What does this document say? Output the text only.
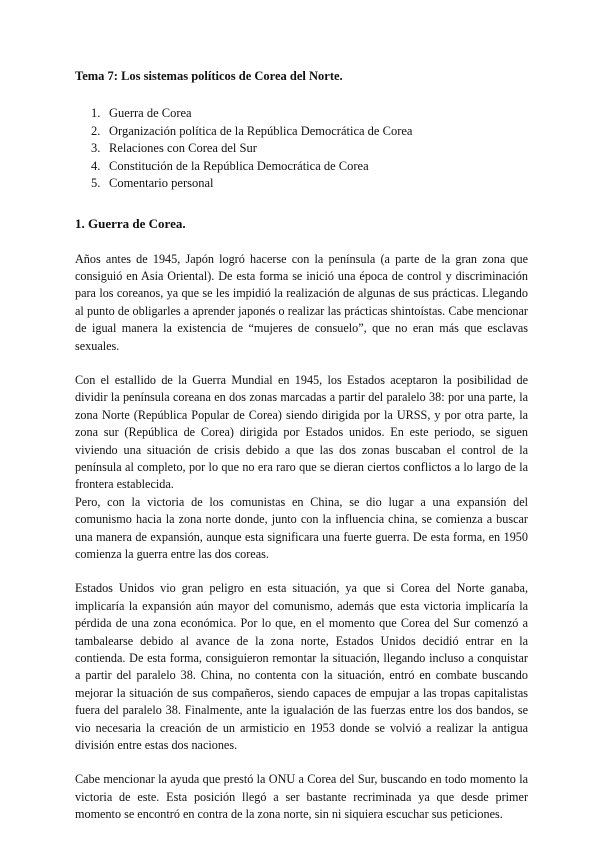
Tema 7: Los sistemas políticos de Corea del Norte.
1. Guerra de Corea
2. Organización política de la República Democrática de Corea
3. Relaciones con Corea del Sur
4. Constitución de la República Democrática de Corea
5. Comentario personal
1. Guerra de Corea.

Años antes de 1945, Japón logró hacerse con la península (a parte de la gran zona que consiguió en Asia Oriental). De esta forma se inició una época de control y discriminación para los coreanos, ya que se les impidió la realización de algunas de sus prácticas. Llegando al punto de obligarles a aprender japonés o realizar las prácticas shintoístas. Cabe mencionar de igual manera la existencia de “mujeres de consuelo”, que no eran más que esclavas sexuales.

Con el estallido de la Guerra Mundial en 1945, los Estados aceptaron la posibilidad de dividir la península coreana en dos zonas marcadas a partir del paralelo 38: por una parte, la zona Norte (República Popular de Corea) siendo dirigida por la URSS, y por otra parte, la zona sur (República de Corea) dirigida por Estados unidos. En este periodo, se siguen viviendo una situación de crisis debido a que las dos zonas buscaban el control de la península al completo, por lo que no era raro que se dieran ciertos conflictos a lo largo de la frontera establecida.

Pero, con la victoria de los comunistas en China, se dio lugar a una expansión del comunismo hacia la zona norte donde, junto con la influencia china, se comienza a buscar una manera de expansión, aunque esta significara una fuerte guerra. De esta forma, en 1950 comienza la guerra entre las dos coreas.

Estados Unidos vio gran peligro en esta situación, ya que si Corea del Norte ganaba, implicaría la expansión aún mayor del comunismo, además que esta victoria implicaría la pérdida de una zona económica. Por lo que, en el momento que Corea del Sur comenzó a tambalearse debido al avance de la zona norte, Estados Unidos decidió entrar en la contienda. De esta forma, consiguieron remontar la situación, llegando incluso a conquistar a partir del paralelo 38. China, no contenta con la situación, entró en combate buscando mejorar la situación de sus compañeros, siendo capaces de empujar a las tropas capitalistas fuera del paralelo 38. Finalmente, ante la igualación de las fuerzas entre los dos bandos, se vio necesaria la creación de un armisticio en 1953 donde se volvió a realizar la antigua división entre estas dos naciones.

Cabe mencionar la ayuda que prestó la ONU a Corea del Sur, buscando en todo momento la victoria de este. Esta posición llegó a ser bastante recriminada ya que desde primer momento se encontró en contra de la zona norte, sin ni siquiera escuchar sus peticiones.
